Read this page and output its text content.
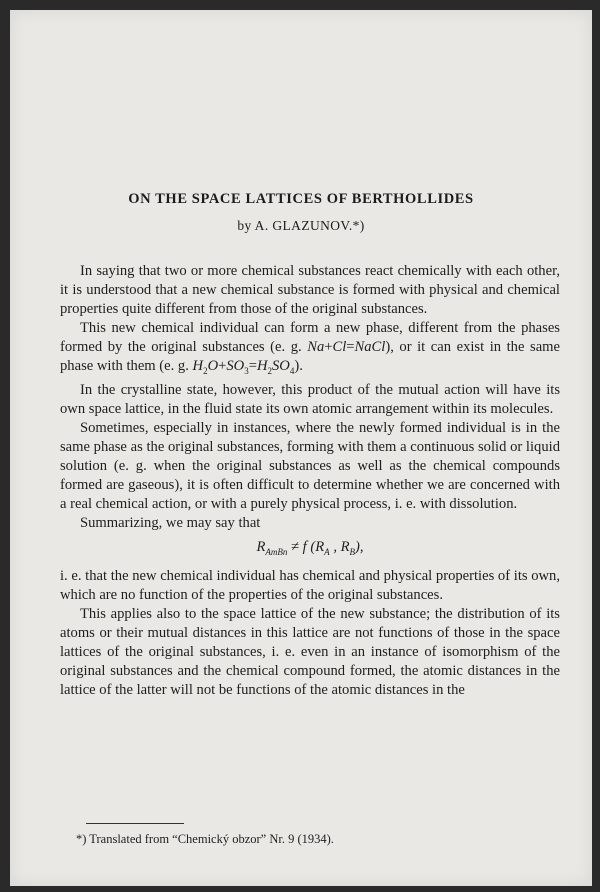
ON THE SPACE LATTICES OF BERTHOLLIDES
by A. GLAZUNOV.*)

In saying that two or more chemical substances react chemically with each other, it is understood that a new chemical substance is formed with physical and chemical properties quite different from those of the original substances.

This new chemical individual can form a new phase, different from the phases formed by the original substances (e. g. Na+Cl=NaCl), or it can exist in the same phase with them (e. g. $H_2O+SO_3=H_2SO_4$).

In the crystalline state, however, this product of the mutual action will have its own space lattice, in the fluid state its own atomic arrangement within its molecules.

Sometimes, especially in instances, where the newly formed individual is in the same phase as the original substances, forming with them a continuous solid or liquid solution (e. g. when the original substances as well as the chemical compounds formed are gaseous), it is often difficult to determine whether we are concerned with a real chemical action, or with a purely physical process, i. e. with dissolution.

Summarizing, we may say that

$R_{AmBn} \ne f$ ($R_A$ , $R_B$),

i. e. that the new chemical individual has chemical and physical properties of its own, which are no function of the properties of the original substances.

This applies also to the space lattice of the new substance; the distribution of its atoms or their mutual distances in this lattice are not functions of those in the space lattices of the original substances, i. e. even in an instance of isomorphism of the original substances and the chemical compound formed, the atomic distances in the lattice of the latter will not be functions of the atomic distances in the

*) Translated from “Chemický obzor” Nr. 9 (1934).
